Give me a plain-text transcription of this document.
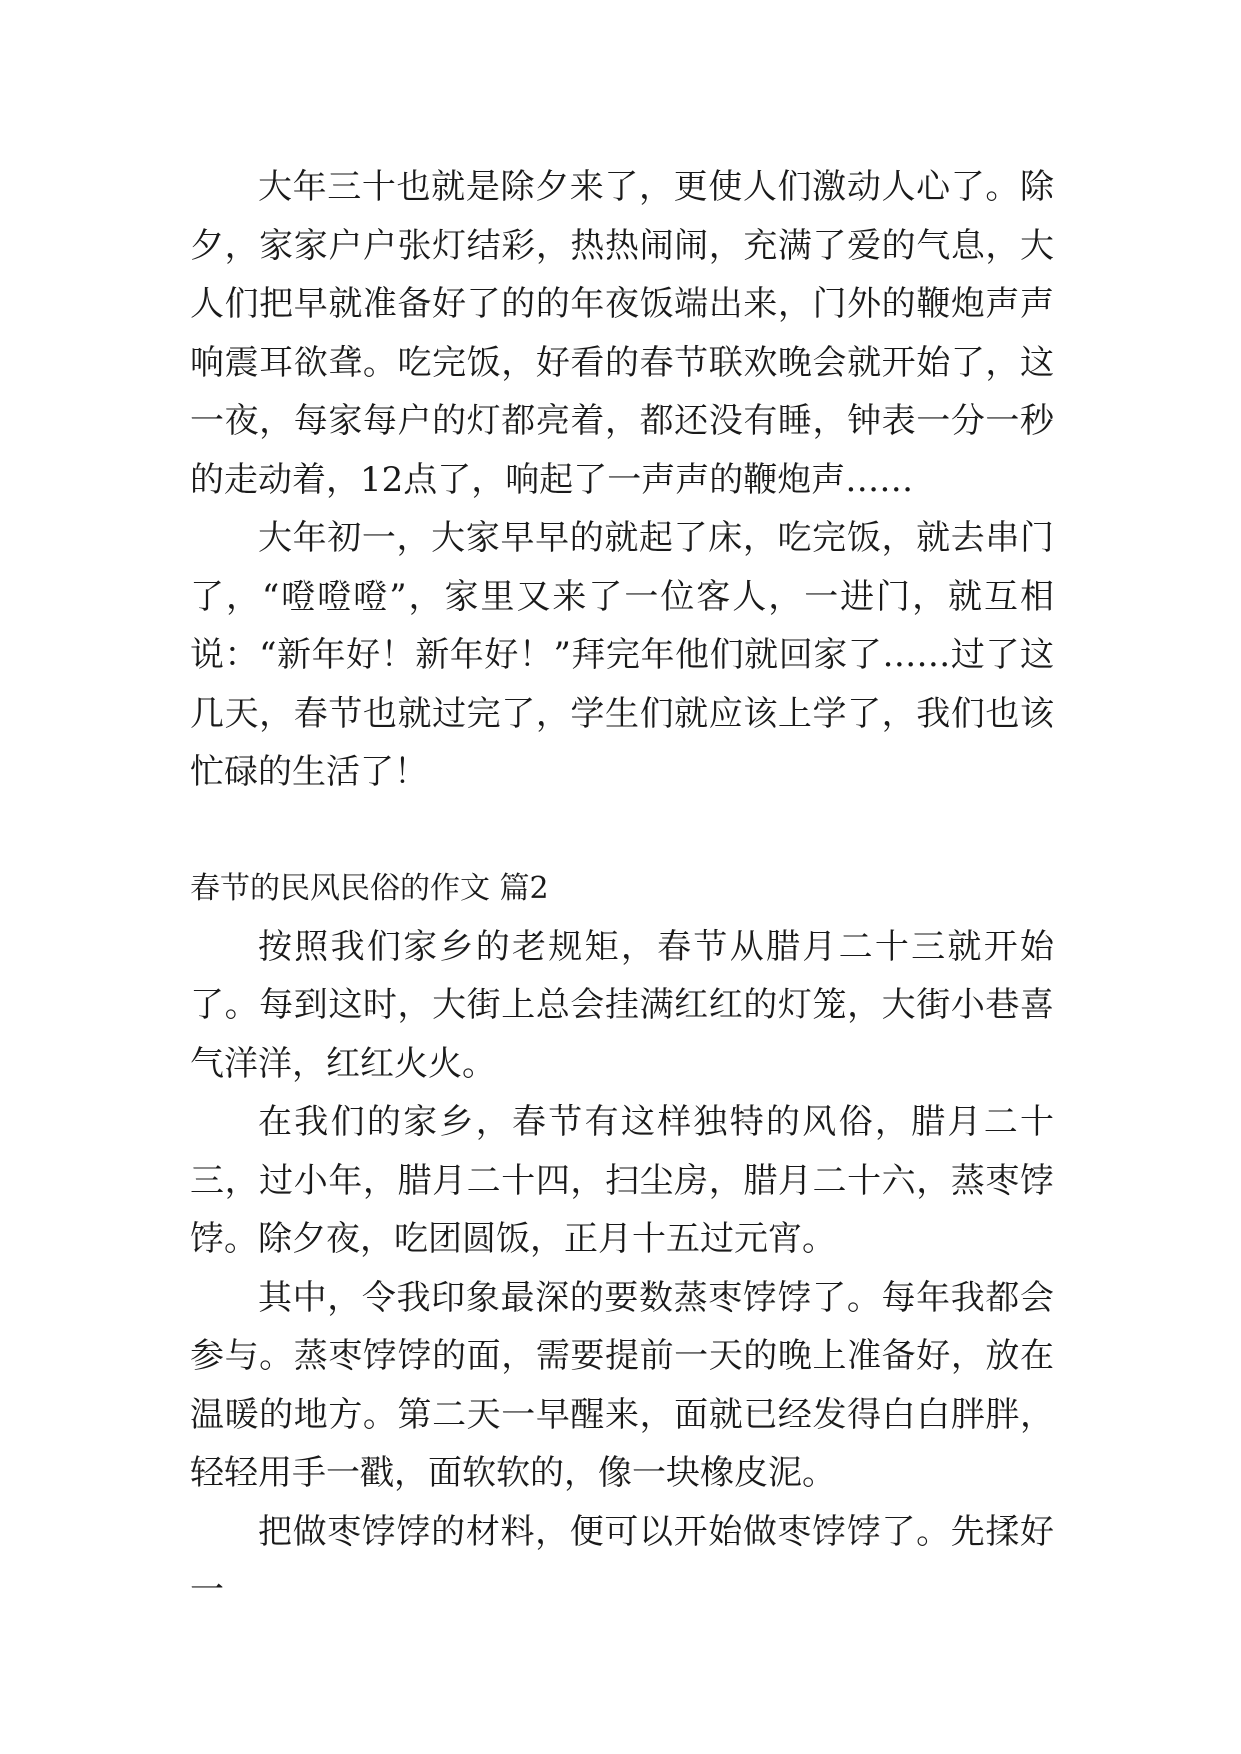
大年三十也就是除夕来了，更使人们激动人心了。除夕，家家户户张灯结彩，热热闹闹，充满了爱的气息，大人们把早就准备好了的的年夜饭端出来，门外的鞭炮声声响震耳欲聋。吃完饭，好看的春节联欢晚会就开始了，这一夜，每家每户的灯都亮着，都还没有睡，钟表一分一秒的走动着，12点了，响起了一声声的鞭炮声……

大年初一，大家早早的就起了床，吃完饭，就去串门了，“噔噔噔”，家里又来了一位客人，一进门，就互相说：“新年好！新年好！”拜完年他们就回家了……过了这几天，春节也就过完了，学生们就应该上学了，我们也该忙碌的生活了！

春节的民风民俗的作文 篇2

按照我们家乡的老规矩，春节从腊月二十三就开始了。每到这时，大街上总会挂满红红的灯笼，大街小巷喜气洋洋，红红火火。

在我们的家乡，春节有这样独特的风俗，腊月二十三，过小年，腊月二十四，扫尘房，腊月二十六，蒸枣饽饽。除夕夜，吃团圆饭，正月十五过元宵。

其中，令我印象最深的要数蒸枣饽饽了。每年我都会参与。蒸枣饽饽的面，需要提前一天的晚上准备好，放在温暖的地方。第二天一早醒来，面就已经发得白白胖胖，轻轻用手一戳，面软软的，像一块橡皮泥。

把做枣饽饽的材料，便可以开始做枣饽饽了。先揉好一
